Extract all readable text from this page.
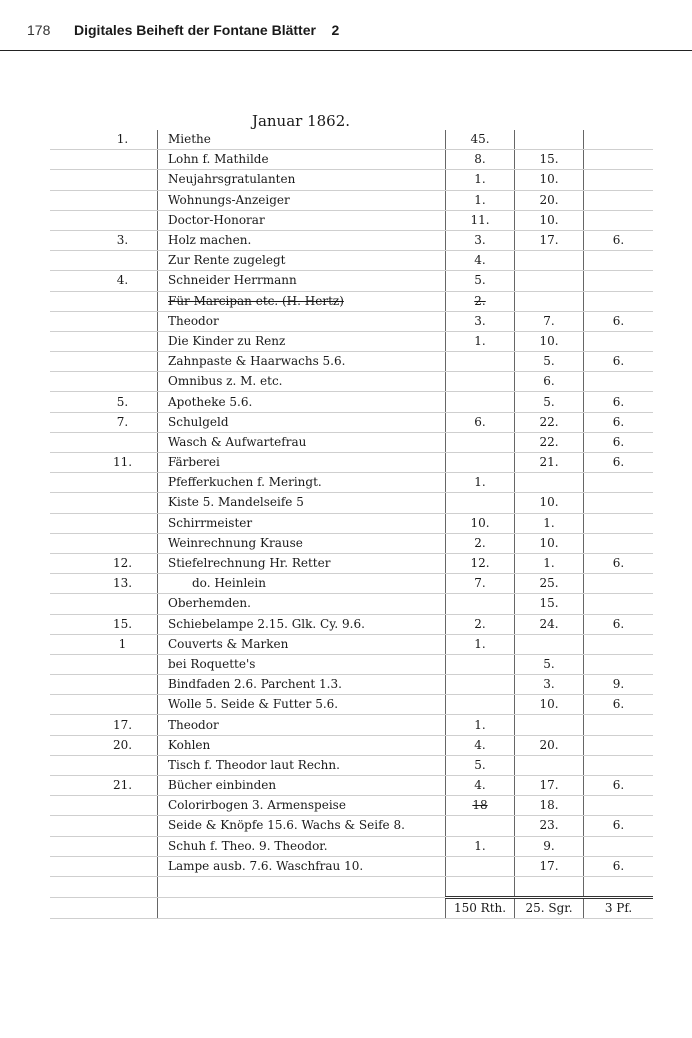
178 Digitales Beiheft der Fontane Blätter 2
Januar 1862.
	1.	Miethe	45.		
		Lohn f. Mathilde	8.	15.	
		Neujahrsgratulanten	1.	10.	
		Wohnungs-Anzeiger	1.	20.	
		Doctor-Honorar	11.	10.	
	3.	Holz machen.	3.	17.	6.
		Zur Rente zugelegt	4.		
	4.	Schneider Herrmann	5.		
		Für Marcipan etc. (H. Hertz)	2.		
		Theodor	3.	7.	6.
		Die Kinder zu Renz	1.	10.	
		Zahnpaste & Haarwachs 5.6.		5.	6.
		Omnibus z. M. etc.		6.	
	5.	Apotheke 5.6.		5.	6.
	7.	Schulgeld	6.	22.	6.
		Wasch & Aufwartefrau		22.	6.
	11.	Färberei		21.	6.
		Pfefferkuchen f. Meringt.	1.		
		Kiste 5. Mandelseife 5		10.	
		Schirrmeister	10.	1.	
		Weinrechnung Krause	2.	10.	
	12.	Stiefelrechnung Hr. Retter	12.	1.	6.
	13.	do. Heinlein	7.	25.	
		Oberhemden.		15.	
	15.	Schiebelampe 2.15. Glk. Cy. 9.6.	2.	24.	6.
	1	Couverts & Marken	1.		
		bei Roquette's		5.	
		Bindfaden 2.6. Parchent 1.3.		3.	9.
		Wolle 5. Seide & Futter 5.6.		10.	6.
	17.	Theodor	1.		
	20.	Kohlen	4.	20.	
		Tisch f. Theodor laut Rechn.	5.		
	21.	Bücher einbinden	4.	17.	6.
		Colorirbogen 3. Armenspeise	18	18.	
		Seide & Knöpfe 15.6. Wachs & Seife 8.		23.	6.
		Schuh f. Theo. 9. Theodor.	1.	9.	
		Lampe ausb. 7.6. Waschfrau 10.		17.	6.

			150 Rth.	25. Sgr.	3 Pf.
